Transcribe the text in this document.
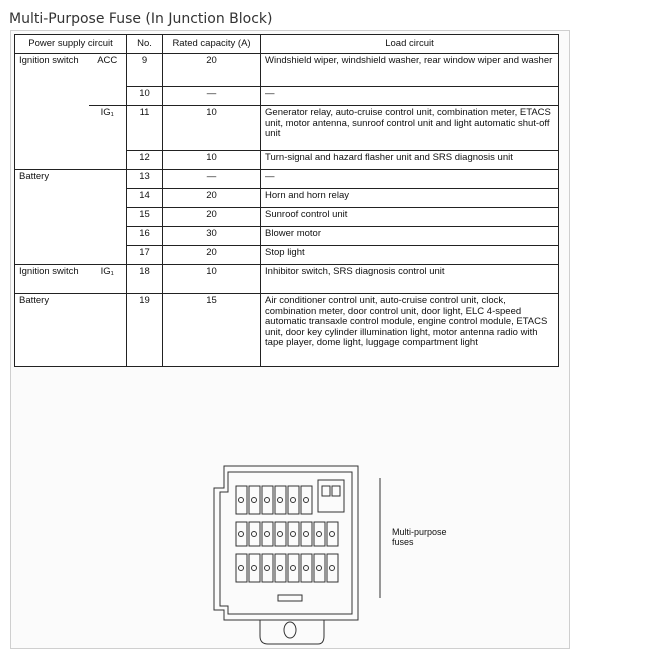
Multi-Purpose Fuse (In Junction Block)
Power supply circuit		No.	Rated capacity (A)	Load circuit
Ignition switch	ACC	9	20	Windshield wiper, windshield washer, rear window wiper and washer
		10	—	—
	IG₁	11	10	Generator relay, auto-cruise control unit, combination meter, ETACS unit, motor antenna, sunroof control unit and light automatic shut-off unit
		12	10	Turn-signal and hazard flasher unit and SRS diagnosis unit
Battery		13	—	—
		14	20	Horn and horn relay
		15	20	Sunroof control unit
		16	30	Blower motor
		17	20	Stop light
Ignition switch	IG₁	18	10	Inhibitor switch, SRS diagnosis control unit
Battery		19	15	Air conditioner control unit, auto-cruise control unit, clock, combination meter, door control unit, door light, ELC 4-speed automatic transaxle control module, engine control module, ETACS unit, door key cylinder illumination light, motor antenna radio with tape player, dome light, luggage compartment light
Multi-purpose fuses
